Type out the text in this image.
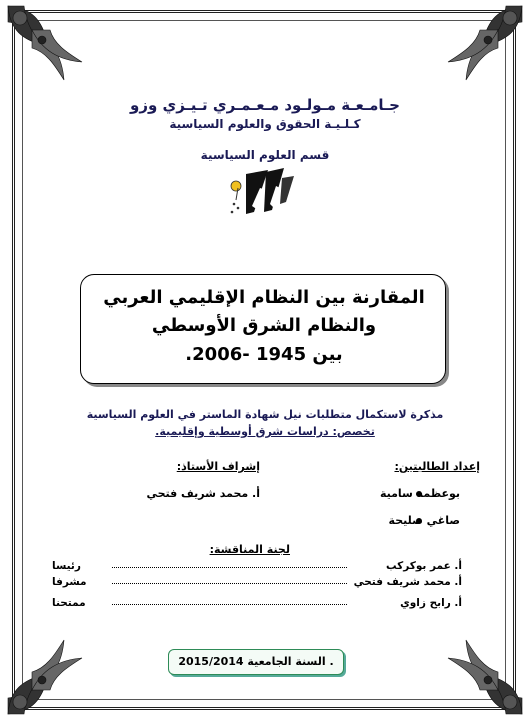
جـامـعـة مـولـود مـعـمـري تـيـزي وزو
كـلـيـة الحقوق والعلوم السياسية
قسم العلوم السياسية
المقارنة بين النظام الإقليمي العربي
والنظام الشرق الأوسطي
بين 1945 -2006.
مذكرة لاستكمال متطلبات نيل شهادة الماستر في العلوم السياسية
تخصص: دراسات شرق أوسطية وإقليمية.
إعداد الطالبتين:
إشراف الأستاذ:
بوعظمة سامية
صاغي صليحة
أ. محمد شريف فتحي
لجنة المناقشة:
أ. عمر بوكركب
رئيسا
أ. محمد شريف فتحي
مشرفا
أ. رابح زاوي
ممتحنا
السنة الجامعية 2015/2014 .
